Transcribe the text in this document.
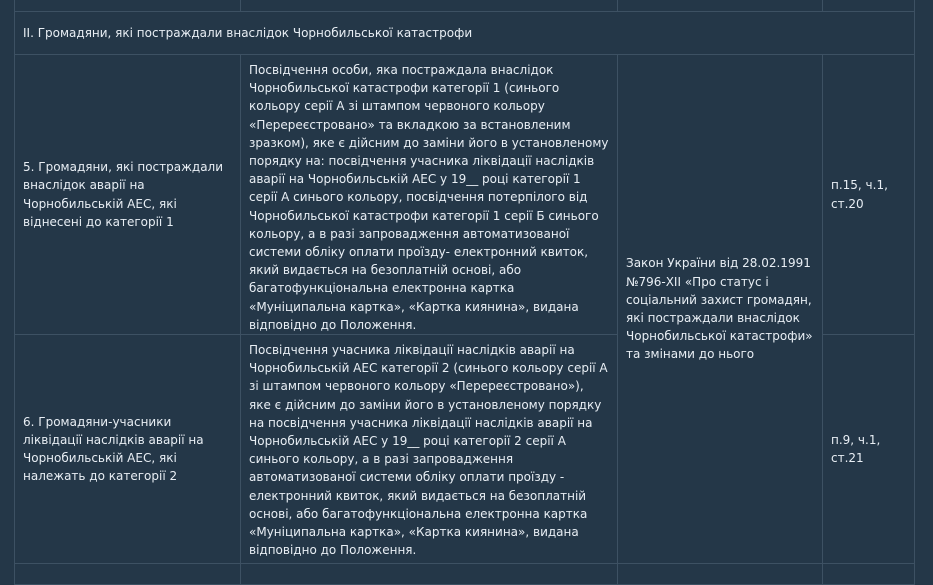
II. Громадяни, які постраждали внаслідок Чорнобильської катастрофи			
5. Громадяни, які постраждали внаслідок аварії на Чорнобильській АЕС, які віднесені до категорії 1	Посвідчення особи, яка постраждала внаслідок Чорнобильської катастрофи категорії 1 (синього кольору серії А зі штампом червоного кольору «Перереєстровано» та вкладкою за встановленим зразком), яке є дійсним до заміни його в установленому порядку на: посвідчення учасника ліквідації наслідків аварії на Чорнобильській АЕС у 19__ році категорії 1 серії А синього кольору, посвідчення потерпілого від Чорнобильської катастрофи категорії 1 серії Б синього кольору, а в разі запровадження автоматизованої системи обліку оплати проїзду- електронний квиток, який видається на безоплатній основі, або багатофункціональна електронна картка «Муніципальна картка», «Картка киянина», видана відповідно до Положення.	Закон України від 28.02.1991 №796-ХІІ «Про статус і соціальний захист громадян, які постраждали внаслідок Чорнобильської катастрофи» та змінами до нього	п.15, ч.1, ст.20
6. Громадяни-учасники ліквідації наслідків аварії на Чорнобильській АЕС, які належать до категорії 2	Посвідчення учасника ліквідації наслідків аварії на Чорнобильській АЕС категорії 2 (синього кольору серії А зі штампом червоного кольору «Перереєстровано»), яке є дійсним до заміни його в установленому порядку на посвідчення учасника ліквідації наслідків аварії на Чорнобильській АЕС у 19__ році категорії 2 серії А синього кольору, а в разі запровадження автоматизованої системи обліку оплати проїзду - електронний квиток, який видається на безоплатній основі, або багатофункціональна електронна картка «Муніципальна картка», «Картка киянина», видана відповідно до Положення.		п.9, ч.1, ст.21
